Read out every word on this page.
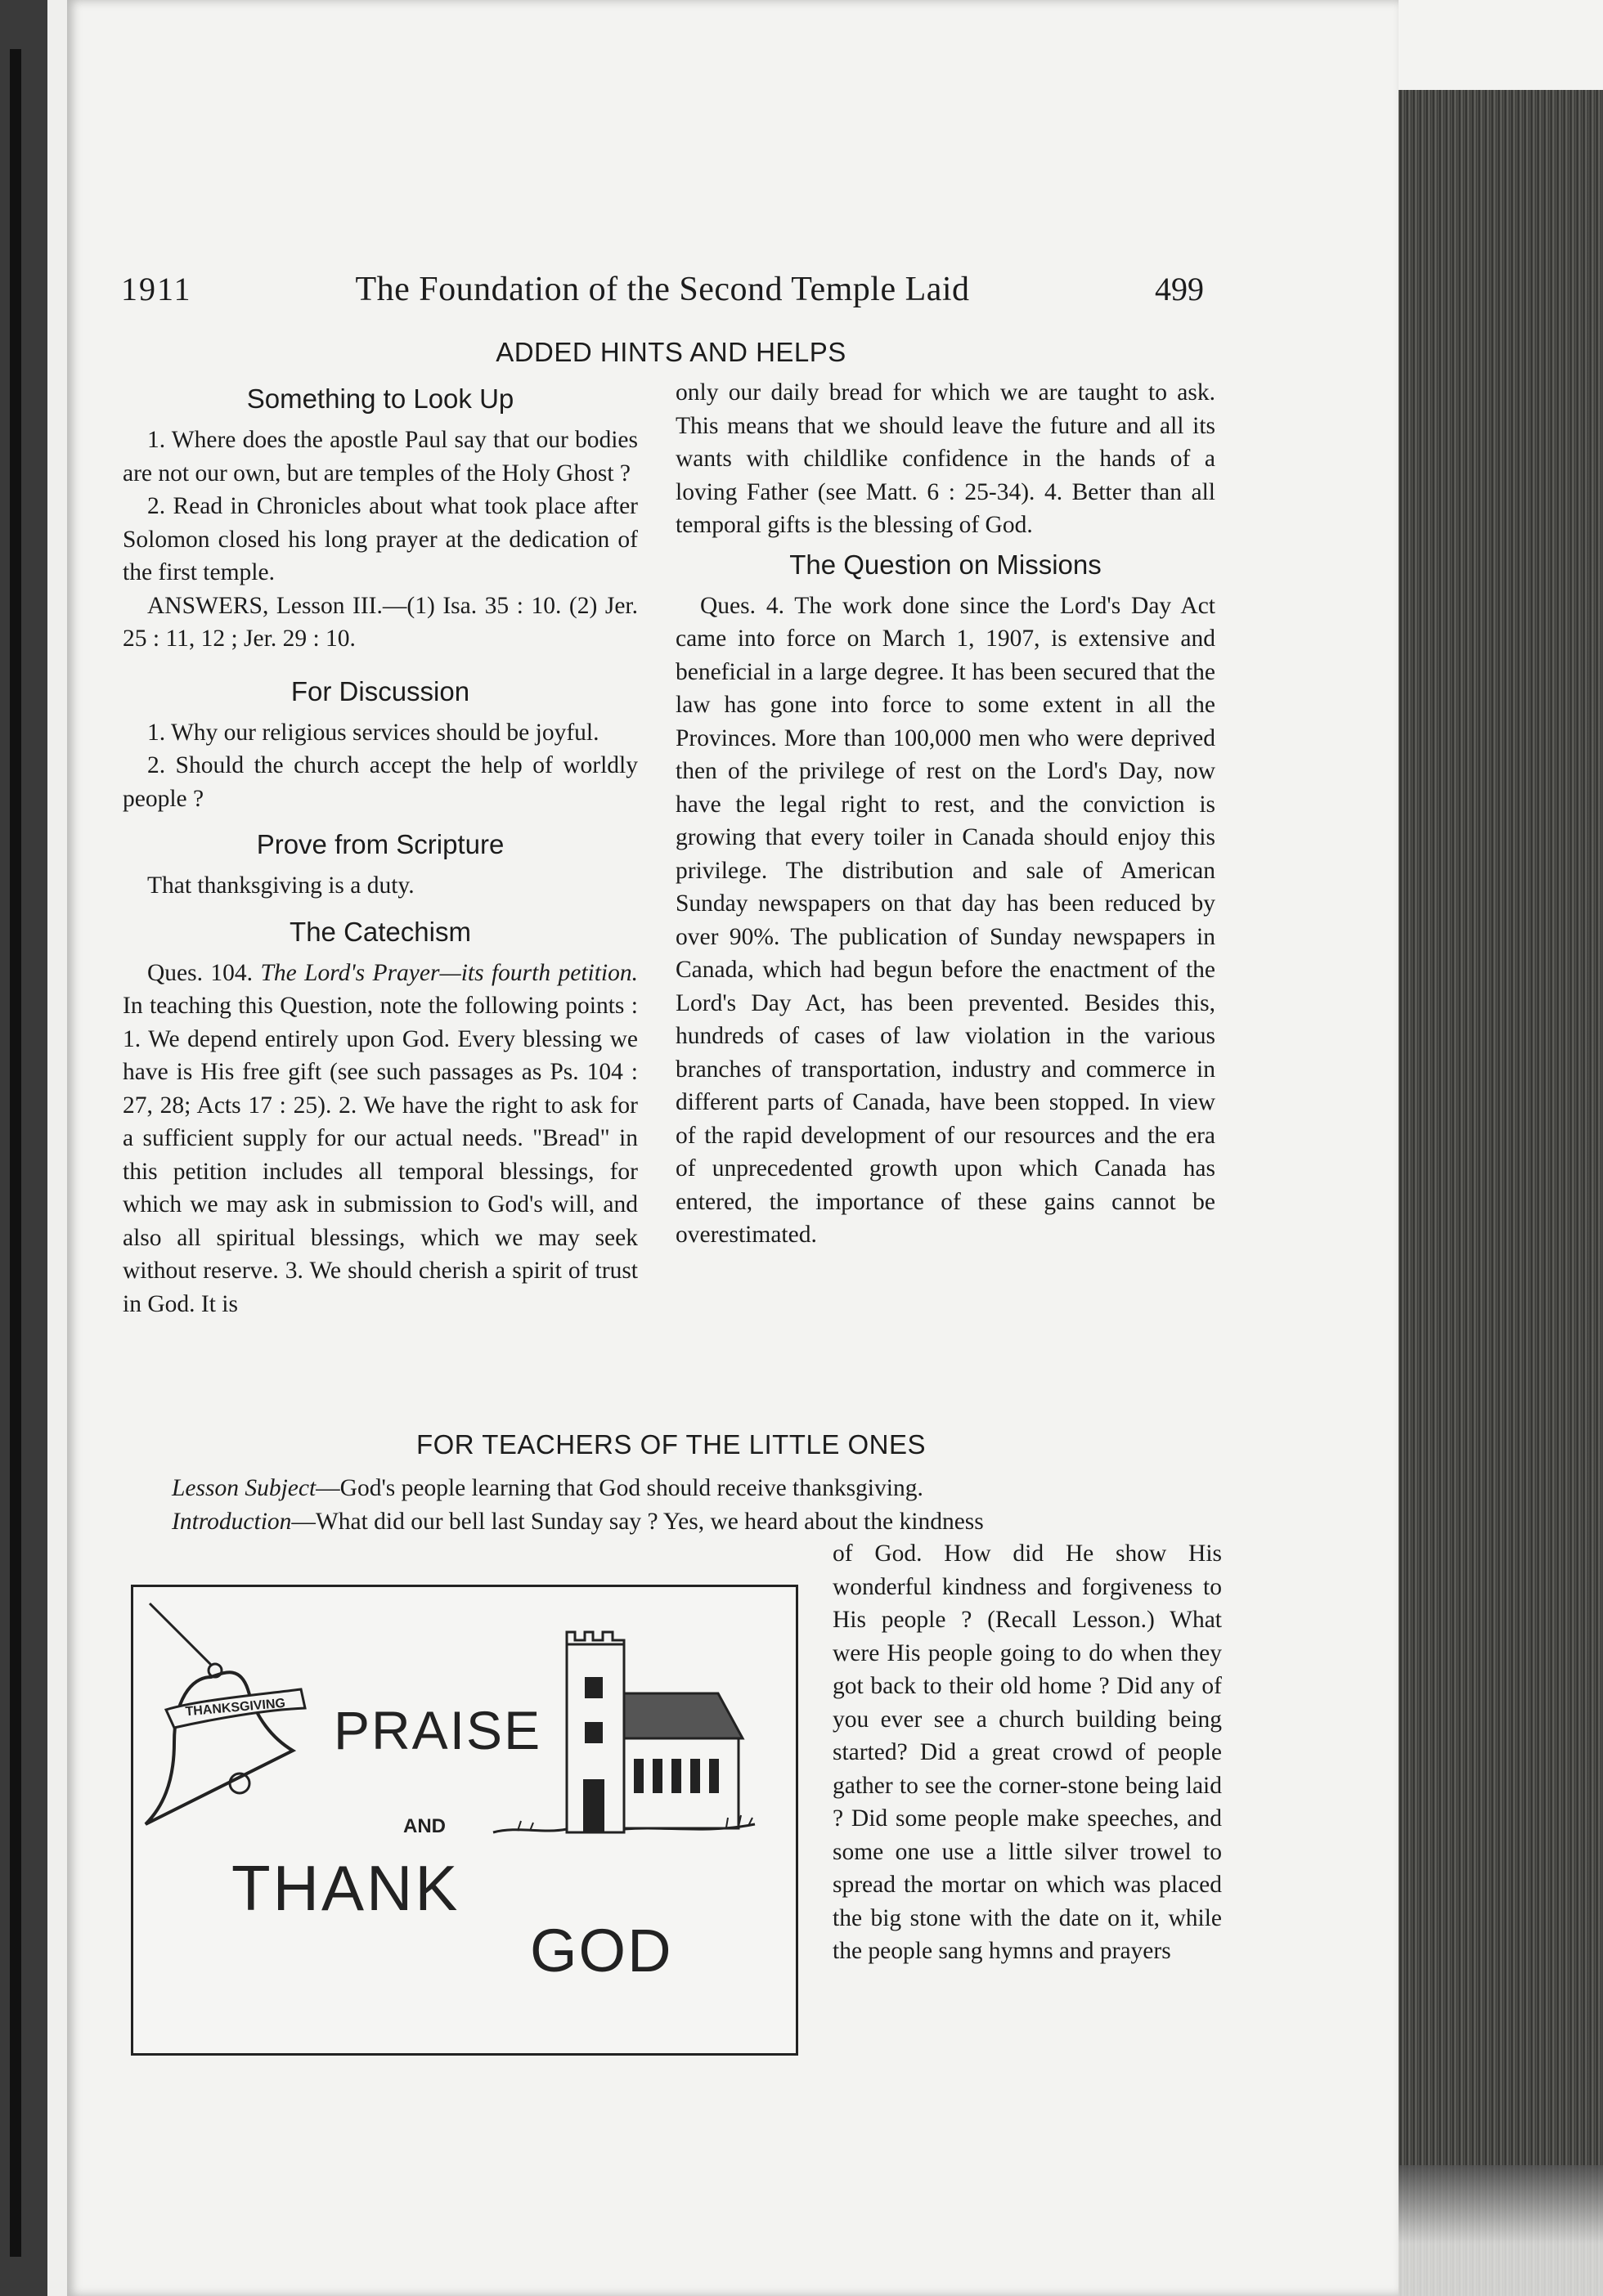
1911	The Foundation of the Second Temple Laid	499
ADDED HINTS AND HELPS
Something to Look Up

1. Where does the apostle Paul say that our bodies are not our own, but are temples of the Holy Ghost ?

2. Read in Chronicles about what took place after Solomon closed his long prayer at the dedication of the first temple.

ANSWERS, Lesson III.—(1) Isa. 35 : 10. (2) Jer. 25 : 11, 12 ; Jer. 29 : 10.

For Discussion

1. Why our religious services should be joyful.

2. Should the church accept the help of worldly people ?

Prove from Scripture

That thanksgiving is a duty.

The Catechism

Ques. 104. The Lord's Prayer—its fourth petition. In teaching this Question, note the following points : 1. We depend entirely upon God. Every blessing we have is His free gift (see such passages as Ps. 104 : 27, 28; Acts 17 : 25). 2. We have the right to ask for a sufficient supply for our actual needs. "Bread" in this petition includes all temporal blessings, for which we may ask in submission to God's will, and also all spiritual blessings, which we may seek without reserve. 3. We should cherish a spirit of trust in God. It is

only our daily bread for which we are taught to ask. This means that we should leave the future and all its wants with childlike confidence in the hands of a loving Father (see Matt. 6 : 25-34). 4. Better than all temporal gifts is the blessing of God.

The Question on Missions

Ques. 4. The work done since the Lord's Day Act came into force on March 1, 1907, is extensive and beneficial in a large degree. It has been secured that the law has gone into force to some extent in all the Provinces. More than 100,000 men who were deprived then of the privilege of rest on the Lord's Day, now have the legal right to rest, and the conviction is growing that every toiler in Canada should enjoy this privilege. The distribution and sale of American Sunday newspapers on that day has been reduced by over 90%. The publication of Sunday newspapers in Canada, which had begun before the enactment of the Lord's Day Act, has been prevented. Besides this, hundreds of cases of law violation in the various branches of transportation, industry and commerce in different parts of Canada, have been stopped. In view of the rapid development of our resources and the era of unprecedented growth upon which Canada has entered, the importance of these gains cannot be overestimated.

FOR TEACHERS OF THE LITTLE ONES

Lesson Subject—God's people learning that God should receive thanksgiving.

Introduction—What did our bell last Sunday say ? Yes, we heard about the kindness

of God. How did He show His wonderful kindness and forgiveness to His people ? (Recall Lesson.) What were His people going to do when they got back to their old home ? Did any of you ever see a church building being started? Did a great crowd of people gather to see the corner-stone being laid ? Did some people make speeches, and some one use a little silver trowel to spread the mortar on which was placed the big stone with the date on it, while the people sang hymns and prayers

THANKSGIVING PRAISE
AND
THANK
GOD
